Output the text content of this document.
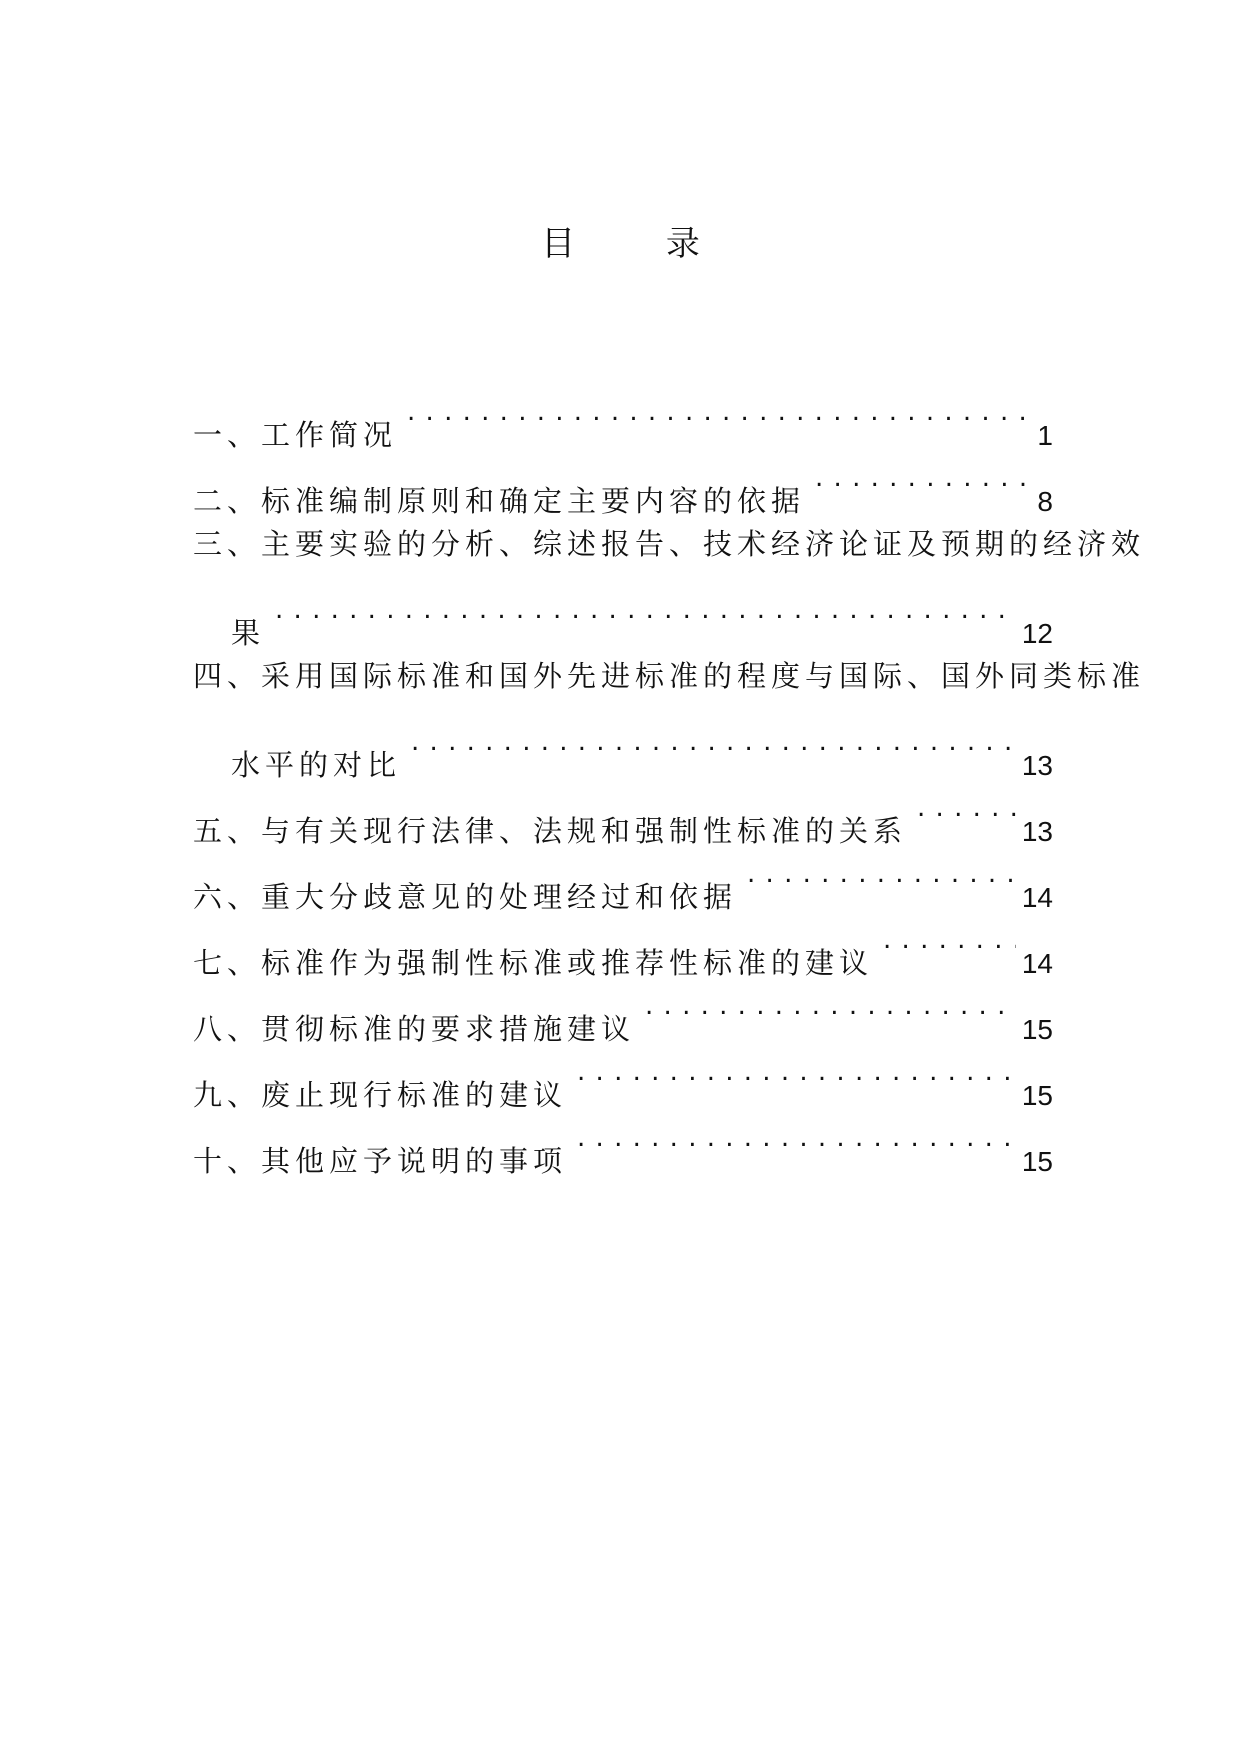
目 录
一、工作简况 . . .	1
二、标准编制原则和确定主要内容的依据 . . .	8
三、主要实验的分析、综述报告、技术经济论证及预期的经济效
果 . . .	12
四、采用国际标准和国外先进标准的程度与国际、国外同类标准
水平的对比 . . .	13
五、与有关现行法律、法规和强制性标准的关系 . . .	13
六、重大分歧意见的处理经过和依据 . . .	14
七、标准作为强制性标准或推荐性标准的建议 . . .	14
八、贯彻标准的要求措施建议 . . .	15
九、废止现行标准的建议 . . .	15
十、其他应予说明的事项 . . .	15
